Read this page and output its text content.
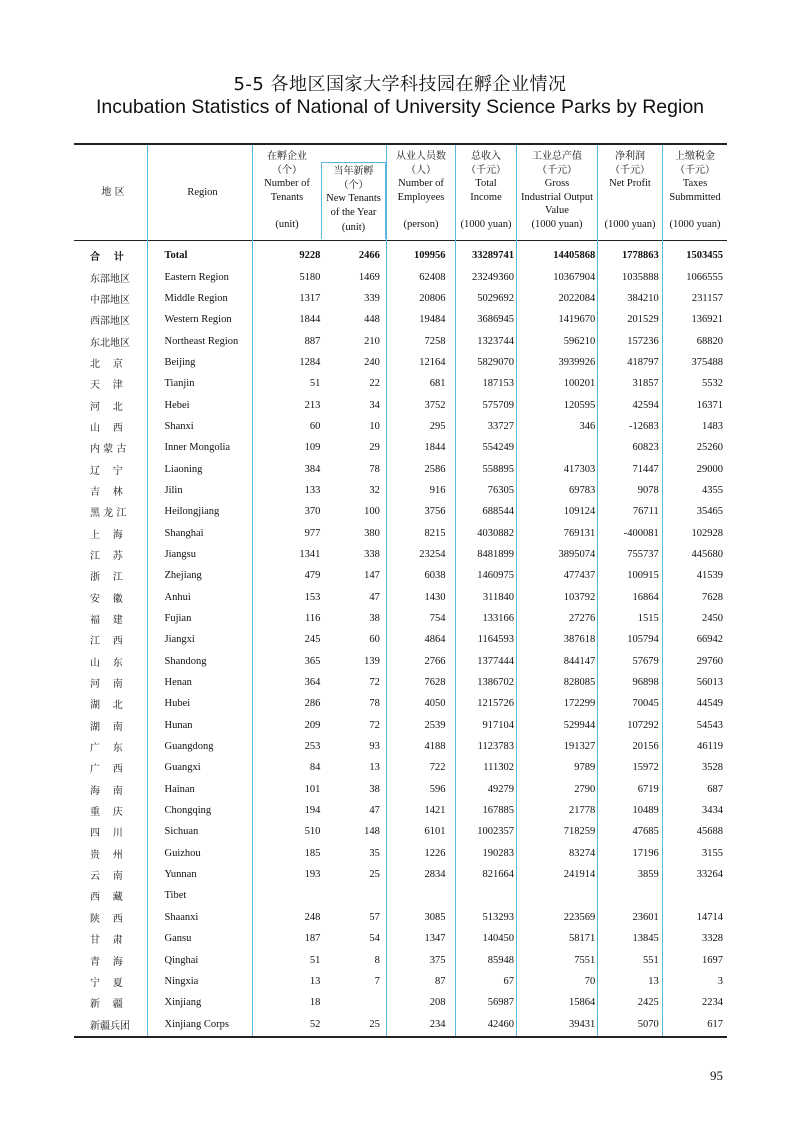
5-5 各地区国家大学科技园在孵企业情况
Incubation Statistics of National of University Science Parks by Region
地 区	Region
在孵企业
（个）
Number of
Tenants
当年新孵
（个）
New Tenants
of the Year
从业人员数
（人）
Number of
Employees
总收入
（千元）
Total
Income
工业总产值
（千元）
Gross
Industrial Output
Value
净利润
（千元）
Net Profit
上缴税金
（千元）
Taxes
Submmitted
(unit)	(unit)	(person)	(1000 yuan)	(1000 yuan)	(1000 yuan)	(1000 yuan)
合    计	Total	9228	2466	109956	33289741	14405868	1778863	1503455
东部地区	Eastern Region	5180	1469	62408	23249360	10367904	1035888	1066555
中部地区	Middle Region	1317	339	20806	5029692	2022084	384210	231157
西部地区	Western Region	1844	448	19484	3686945	1419670	201529	136921
东北地区	Northeast Region	887	210	7258	1323744	596210	157236	68820
北    京	Beijing	1284	240	12164	5829070	3939926	418797	375488
天    津	Tianjin	51	22	681	187153	100201	31857	5532
河    北	Hebei	213	34	3752	575709	120595	42594	16371
山    西	Shanxi	60	10	295	33727	346	-12683	1483
内 蒙 古	Inner Mongolia	109	29	1844	554249		60823	25260
辽    宁	Liaoning	384	78	2586	558895	417303	71447	29000
吉    林	Jilin	133	32	916	76305	69783	9078	4355
黑 龙 江	Heilongjiang	370	100	3756	688544	109124	76711	35465
上    海	Shanghai	977	380	8215	4030882	769131	-400081	102928
江    苏	Jiangsu	1341	338	23254	8481899	3895074	755737	445680
浙    江	Zhejiang	479	147	6038	1460975	477437	100915	41539
安    徽	Anhui	153	47	1430	311840	103792	16864	7628
福    建	Fujian	116	38	754	133166	27276	1515	2450
江    西	Jiangxi	245	60	4864	1164593	387618	105794	66942
山    东	Shandong	365	139	2766	1377444	844147	57679	29760
河    南	Henan	364	72	7628	1386702	828085	96898	56013
湖    北	Hubei	286	78	4050	1215726	172299	70045	44549
湖    南	Hunan	209	72	2539	917104	529944	107292	54543
广    东	Guangdong	253	93	4188	1123783	191327	20156	46119
广    西	Guangxi	84	13	722	111302	9789	15972	3528
海    南	Hainan	101	38	596	49279	2790	6719	687
重    庆	Chongqing	194	47	1421	167885	21778	10489	3434
四    川	Sichuan	510	148	6101	1002357	718259	47685	45688
贵    州	Guizhou	185	35	1226	190283	83274	17196	3155
云    南	Yunnan	193	25	2834	821664	241914	3859	33264
西    藏	Tibet							
陕    西	Shaanxi	248	57	3085	513293	223569	23601	14714
甘    肃	Gansu	187	54	1347	140450	58171	13845	3328
青    海	Qinghai	51	8	375	85948	7551	551	1697
宁    夏	Ningxia	13	7	87	67	70	13	3
新    疆	Xinjiang	18		208	56987	15864	2425	2234
新疆兵团	Xinjiang Corps	52	25	234	42460	39431	5070	617
95
